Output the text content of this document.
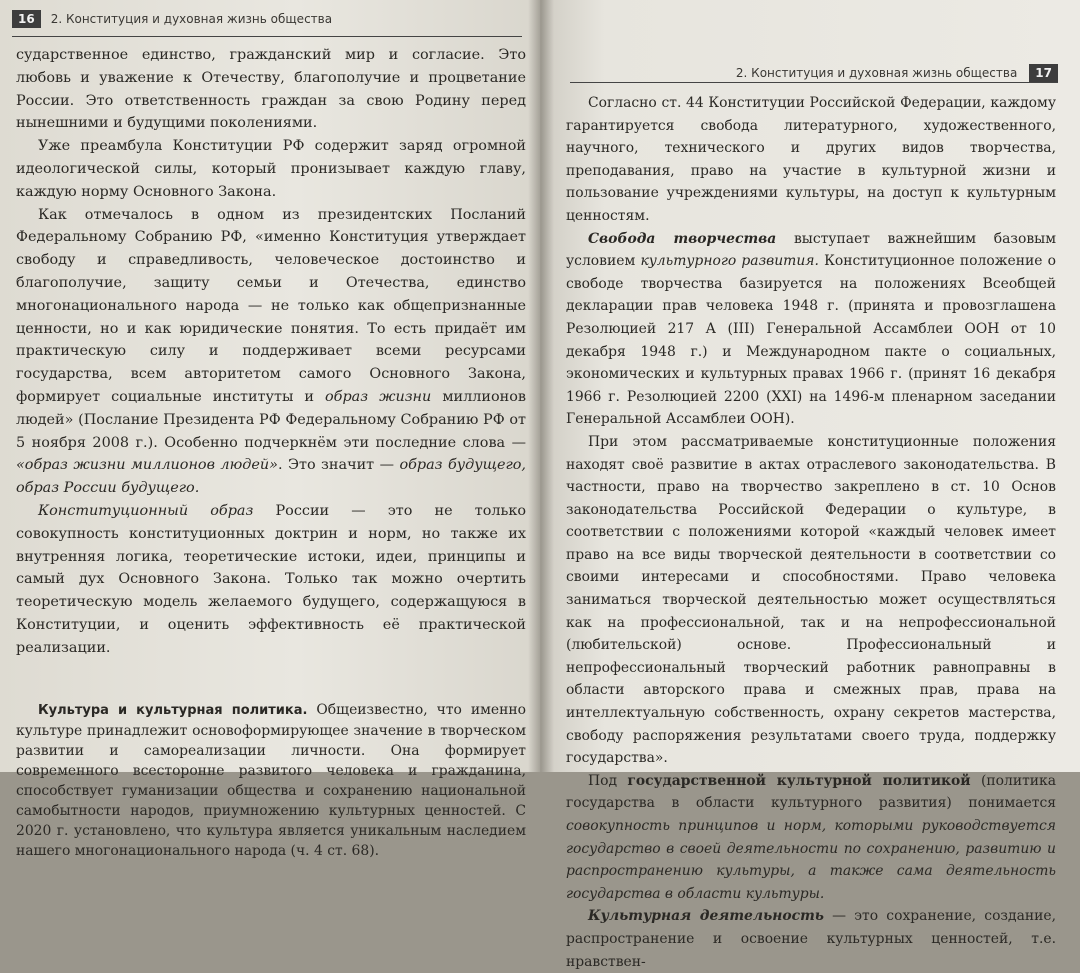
16	2. Конституция и духовная жизнь общества

сударственное единство, гражданский мир и согласие. Это любовь и уважение к Отечеству, благополучие и процветание России. Это ответственность граждан за свою Родину перед нынешними и будущими поколениями.

Уже преамбула Конституции РФ содержит заряд огромной идеологической силы, который пронизывает каждую главу, каждую норму Основного Закона.

Как отмечалось в одном из президентских Посланий Федеральному Собранию РФ, «именно Конституция утверждает свободу и справедливость, человеческое достоинство и благополучие, защиту семьи и Отечества, единство многонационального народа — не только как общепризнанные ценности, но и как юридические понятия. То есть придаёт им практическую силу и поддерживает всеми ресурсами государства, всем авторитетом самого Основного Закона, формирует социальные институты и образ жизни миллионов людей» (Послание Президента РФ Федеральному Собранию РФ от 5 ноября 2008 г.). Особенно подчеркнём эти последние слова — «образ жизни миллионов людей». Это значит — образ будущего, образ России будущего.

Конституционный образ России — это не только совокупность конституционных доктрин и норм, но также их внутренняя логика, теоретические истоки, идеи, принципы и самый дух Основного Закона. Только так можно очертить теоретическую модель желаемого будущего, содержащуюся в Конституции, и оценить эффективность её практической реализации.

Культура и культурная политика. Общеизвестно, что именно культуре принадлежит основоформирующее значение в творческом развитии и самореализации личности. Она формирует современного всесторонне развитого человека и гражданина, способствует гуманизации общества и сохранению национальной самобытности народов, приумножению культурных ценностей. С 2020 г. установлено, что культура является уникальным наследием нашего многонационального народа (ч. 4 ст. 68).

2. Конституция и духовная жизнь общества	17

Согласно ст. 44 Конституции Российской Федерации, каждому гарантируется свобода литературного, художественного, научного, технического и других видов творчества, преподавания, право на участие в культурной жизни и пользование учреждениями культуры, на доступ к культурным ценностям.

Свобода творчества выступает важнейшим базовым условием культурного развития. Конституционное положение о свободе творчества базируется на положениях Всеобщей декларации прав человека 1948 г. (принята и провозглашена Резолюцией 217 А (III) Генеральной Ассамблеи ООН от 10 декабря 1948 г.) и Международном пакте о социальных, экономических и культурных правах 1966 г. (принят 16 декабря 1966 г. Резолюцией 2200 (XXI) на 1496-м пленарном заседании Генеральной Ассамблеи ООН).

При этом рассматриваемые конституционные положения находят своё развитие в актах отраслевого законодательства. В частности, право на творчество закреплено в ст. 10 Основ законодательства Российской Федерации о культуре, в соответствии с положениями которой «каждый человек имеет право на все виды творческой деятельности в соответствии со своими интересами и способностями. Право человека заниматься творческой деятельностью может осуществляться как на профессиональной, так и на непрофессиональной (любительской) основе. Профессиональный и непрофессиональный творческий работник равноправны в области авторского права и смежных прав, права на интеллектуальную собственность, охрану секретов мастерства, свободу распоряжения результатами своего труда, поддержку государства».

Под государственной культурной политикой (политика государства в области культурного развития) понимается совокупность принципов и норм, которыми руководствуется государство в своей деятельности по сохранению, развитию и распространению культуры, а также сама деятельность государства в области культуры.

Культурная деятельность — это сохранение, создание, распространение и освоение культурных ценностей, т.е. нравствен-
